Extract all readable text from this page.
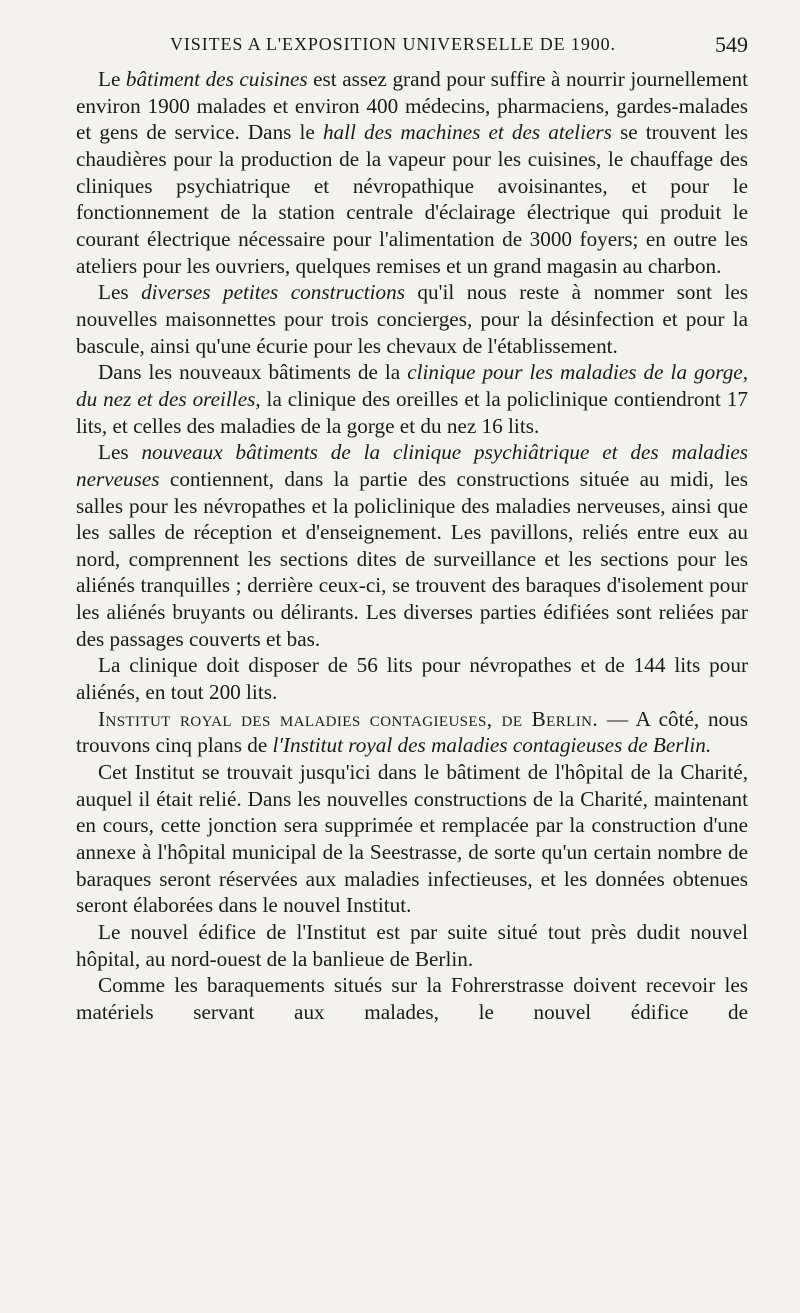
VISITES A L'EXPOSITION UNIVERSELLE DE 1900.	549

Le bâtiment des cuisines est assez grand pour suffire à nourrir journellement environ 1900 malades et environ 400 médecins, pharmaciens, gardes-malades et gens de service. Dans le hall des machines et des ateliers se trouvent les chaudières pour la production de la vapeur pour les cuisines, le chauffage des cliniques psychiatrique et névropathique avoisinantes, et pour le fonctionnement de la station centrale d'éclairage électrique qui produit le courant électrique nécessaire pour l'alimentation de 3000 foyers; en outre les ateliers pour les ouvriers, quelques remises et un grand magasin au charbon.

Les diverses petites constructions qu'il nous reste à nommer sont les nouvelles maisonnettes pour trois concierges, pour la désinfection et pour la bascule, ainsi qu'une écurie pour les chevaux de l'établissement.

Dans les nouveaux bâtiments de la clinique pour les maladies de la gorge, du nez et des oreilles, la clinique des oreilles et la policlinique contiendront 17 lits, et celles des maladies de la gorge et du nez 16 lits.

Les nouveaux bâtiments de la clinique psychiâtrique et des maladies nerveuses contiennent, dans la partie des constructions située au midi, les salles pour les névropathes et la policlinique des maladies nerveuses, ainsi que les salles de réception et d'enseignement. Les pavillons, reliés entre eux au nord, comprennent les sections dites de surveillance et les sections pour les aliénés tranquilles ; derrière ceux-ci, se trouvent des baraques d'isolement pour les aliénés bruyants ou délirants. Les diverses parties édifiées sont reliées par des passages couverts et bas.

La clinique doit disposer de 56 lits pour névropathes et de 144 lits pour aliénés, en tout 200 lits.

Institut royal des maladies contagieuses, de Berlin. — A côté, nous trouvons cinq plans de l'Institut royal des maladies contagieuses de Berlin.

Cet Institut se trouvait jusqu'ici dans le bâtiment de l'hôpital de la Charité, auquel il était relié. Dans les nouvelles constructions de la Charité, maintenant en cours, cette jonction sera supprimée et remplacée par la construction d'une annexe à l'hôpital municipal de la Seestrasse, de sorte qu'un certain nombre de baraques seront réservées aux maladies infectieuses, et les données obtenues seront élaborées dans le nouvel Institut.

Le nouvel édifice de l'Institut est par suite situé tout près dudit nouvel hôpital, au nord-ouest de la banlieue de Berlin.

Comme les baraquements situés sur la Fohrerstrasse doivent recevoir les matériels servant aux malades, le nouvel édifice de
